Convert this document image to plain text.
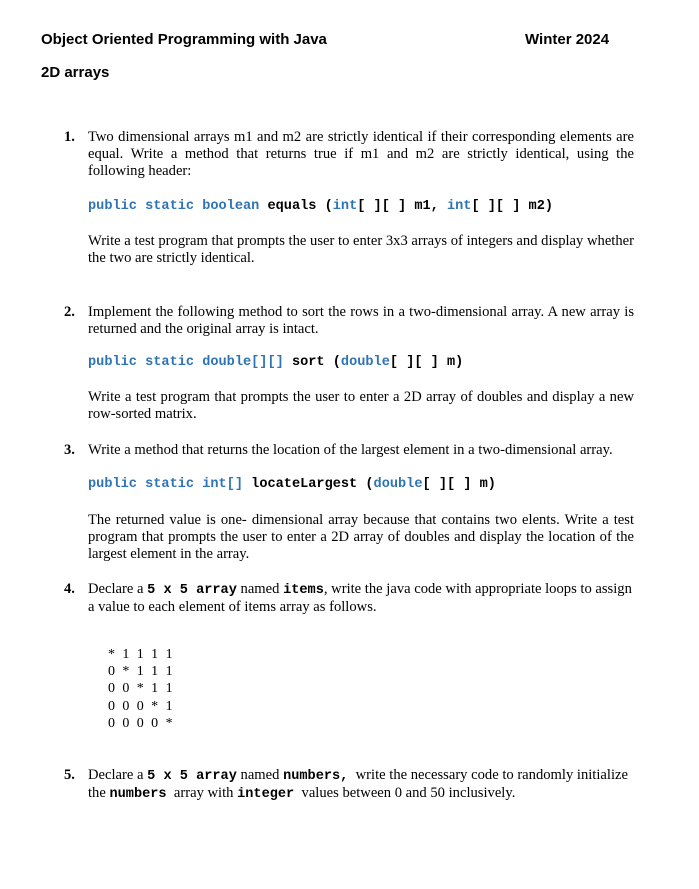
Object Oriented Programming with Java	Winter 2024
2D arrays
1. Two dimensional arrays m1 and m2 are strictly identical if their corresponding elements are equal. Write a method that returns true if m1 and m2 are strictly identical, using the following header:
public static boolean equals (int[ ][ ] m1, int[ ][ ] m2)
Write a test program that prompts the user to enter 3x3 arrays of integers and display whether the two are strictly identical.
2. Implement the following method to sort the rows in a two-dimensional array. A new array is returned and the original array is intact.
public static double[][] sort (double[ ][ ] m)
Write a test program that prompts the user to enter a 2D array of doubles and display a new row-sorted matrix.
3. Write a method that returns the location of the largest element in a two-dimensional array.
public static int[] locateLargest (double[ ][ ] m)
The returned value is one- dimensional array because that contains two elents. Write a test program that prompts the user to enter a 2D array of doubles and display the location of the largest element in the array.
4. Declare a 5 x 5 array named items, write the java code with appropriate loops to assign a value to each element of items array as follows.
* 1 1 1 1
0 * 1 1 1
0 0 * 1 1
0 0 0 * 1
0 0 0 0 *
5. Declare a 5 x 5 array named numbers,  write the necessary code to randomly initialize the numbers  array with integer  values between 0 and 50 inclusively.
